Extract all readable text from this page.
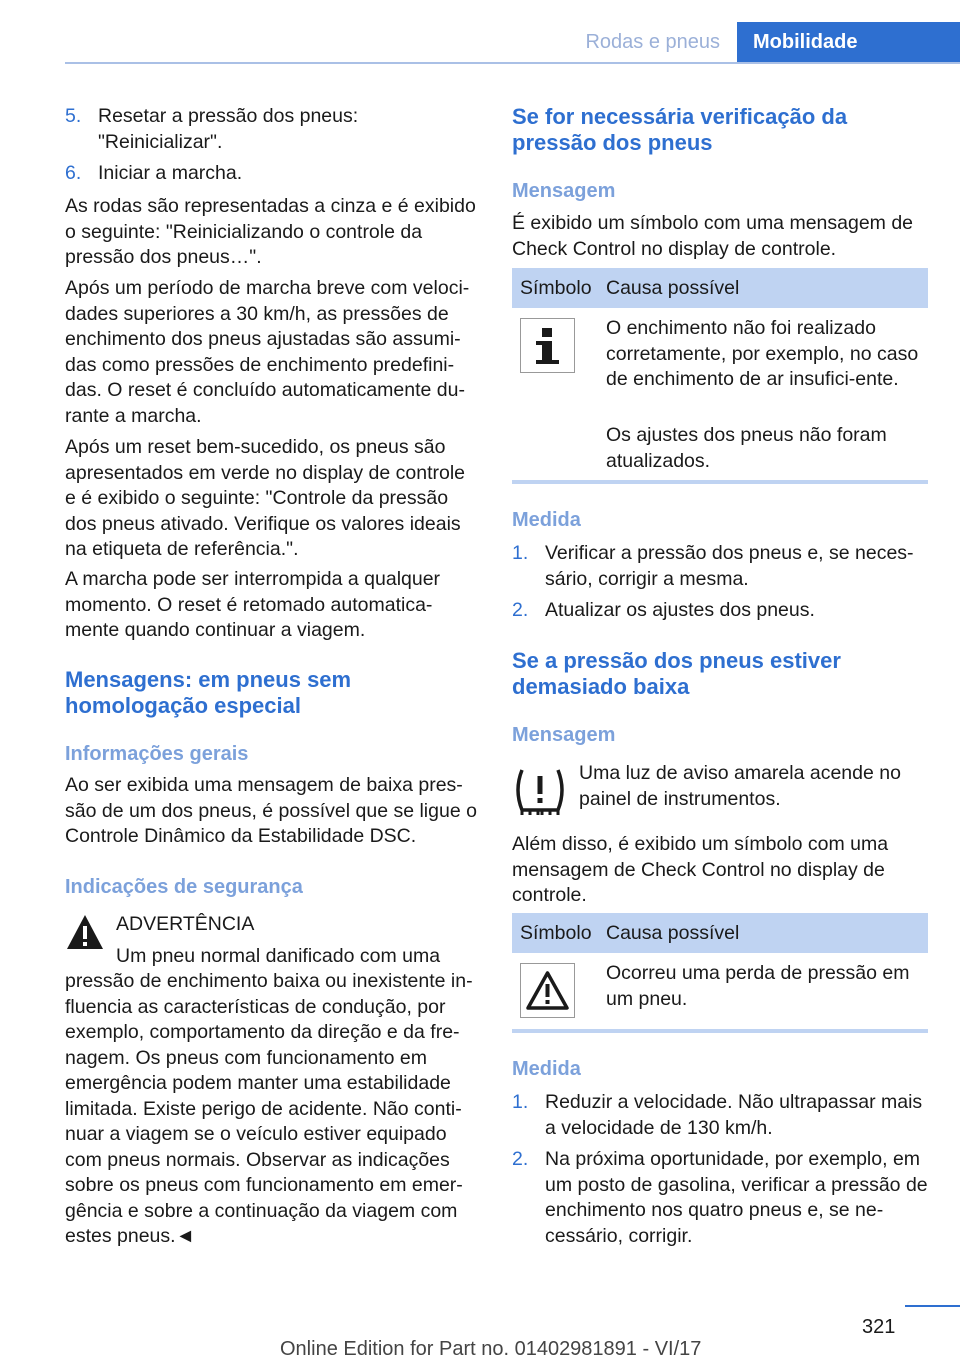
Rodas e pneus Mobilidade
5. Resetar a pressão dos pneus: "Reinicializar".

6. Iniciar a marcha.

As rodas são representadas a cinza e é exibido o seguinte: "Reinicializando o controle da pressão dos pneus…".

Após um período de marcha breve com veloci-dades superiores a 30 km/h, as pressões de enchimento dos pneus ajustadas são assumi-das como pressões de enchimento predefini-das. O reset é concluído automaticamente du-rante a marcha.

Após um reset bem-sucedido, os pneus são apresentados em verde no display de controle e é exibido o seguinte: "Controle da pressão dos pneus ativado. Verifique os valores ideais na etiqueta de referência.".

A marcha pode ser interrompida a qualquer momento. O reset é retomado automatica-mente quando continuar a viagem.

Mensagens: em pneus sem homologação especial
Informações gerais

Ao ser exibida uma mensagem de baixa pres-são de um dos pneus, é possível que se ligue o Controle Dinâmico da Estabilidade DSC.

Indicações de segurança

ADVERTÊNCIA

Um pneu normal danificado com uma

pressão de enchimento baixa ou inexistente in-fluencia as características de condução, por exemplo, comportamento da direção e da fre-nagem. Os pneus com funcionamento em emergência podem manter uma estabilidade limitada. Existe perigo de acidente. Não conti-nuar a viagem se o veículo estiver equipado com pneus normais. Observar as indicações sobre os pneus com funcionamento em emer-gência e sobre a continuação da viagem com estes pneus.◄

Se for necessária verificação da pressão dos pneus
Mensagem

É exibido um símbolo com uma mensagem de Check Control no display de controle.

Símbolo Causa possível

O enchimento não foi realizado corretamente, por exemplo, no caso de enchimento de ar insufici-ente.

Os ajustes dos pneus não foram atualizados.

Medida
1. Verificar a pressão dos pneus e, se neces-sário, corrigir a mesma.

2. Atualizar os ajustes dos pneus.

Se a pressão dos pneus estiver demasiado baixa
Mensagem

Uma luz de aviso amarela acende no painel de instrumentos.

Além disso, é exibido um símbolo com uma mensagem de Check Control no display de controle.

Símbolo Causa possível

Ocorreu uma perda de pressão em um pneu.

Medida
1. Reduzir a velocidade. Não ultrapassar mais a velocidade de 130 km/h.

2. Na próxima oportunidade, por exemplo, em um posto de gasolina, verificar a pressão de enchimento nos quatro pneus e, se ne-cessário, corrigir.

321
Online Edition for Part no. 01402981891 - VI/17
